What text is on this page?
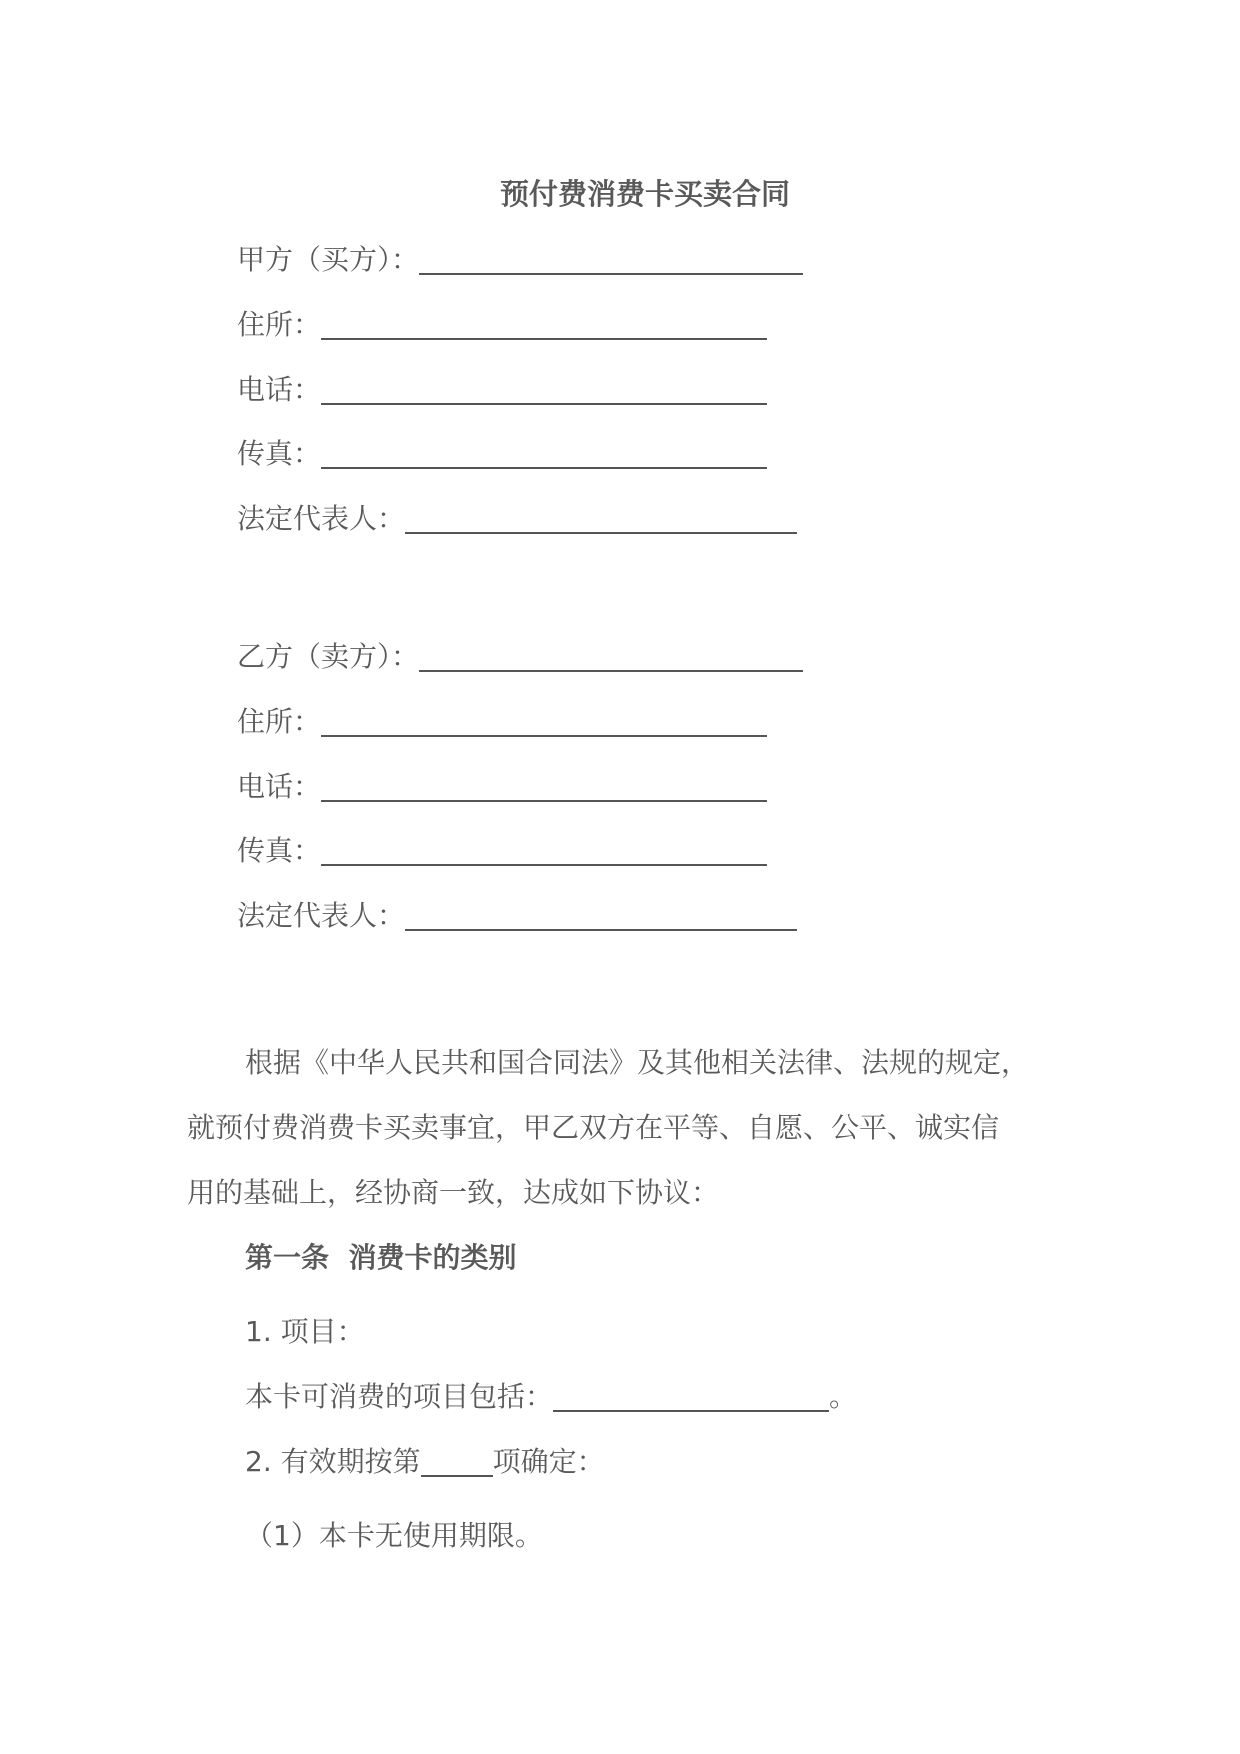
预付费消费卡买卖合同
甲方（买方）：
住所：
电话：
传真：
法定代表人：
乙方（卖方）：
住所：
电话：
传真：
法定代表人：
根据《中华人民共和国合同法》及其他相关法律、法规的规定，
就预付费消费卡买卖事宜，甲乙双方在平等、自愿、公平、诚实信
用的基础上，经协商一致，达成如下协议：
第一条  消费卡的类别
1. 项目：
本卡可消费的项目包括：	。
2. 有效期按第	项确定：
（1）本卡无使用期限。
